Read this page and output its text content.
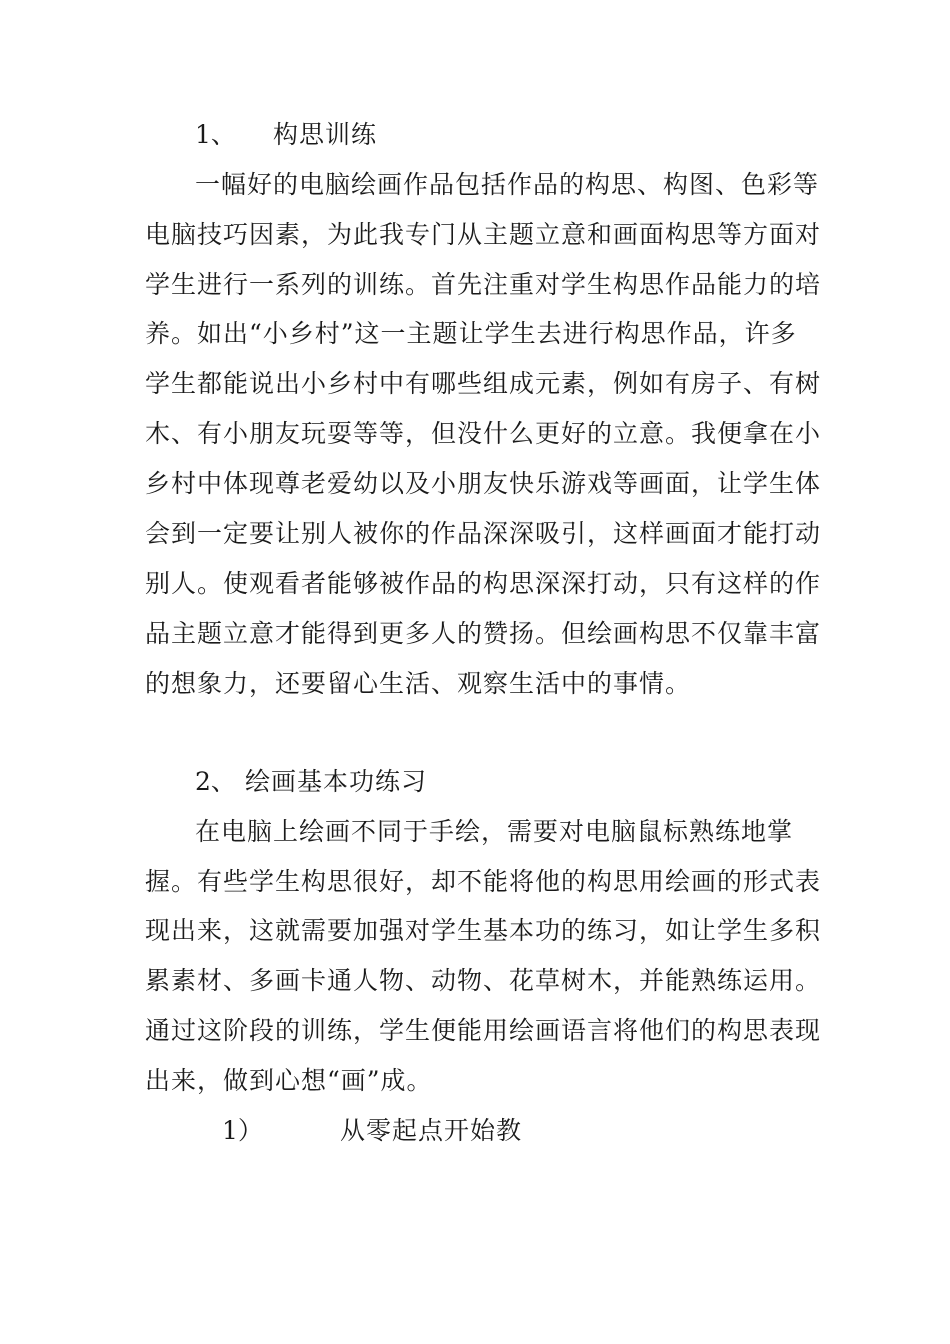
1、 构思训练
一幅好的电脑绘画作品包括作品的构思、构图、色彩等
电脑技巧因素，为此我专门从主题立意和画面构思等方面对
学生进行一系列的训练。首先注重对学生构思作品能力的培
养。如出“小乡村”这一主题让学生去进行构思作品，许多
学生都能说出小乡村中有哪些组成元素，例如有房子、有树
木、有小朋友玩耍等等，但没什么更好的立意。我便拿在小
乡村中体现尊老爱幼以及小朋友快乐游戏等画面，让学生体
会到一定要让别人被你的作品深深吸引，这样画面才能打动
别人。使观看者能够被作品的构思深深打动，只有这样的作
品主题立意才能得到更多人的赞扬。但绘画构思不仅靠丰富
的想象力，还要留心生活、观察生活中的事情。
2、 绘画基本功练习
在电脑上绘画不同于手绘，需要对电脑鼠标熟练地掌
握。有些学生构思很好，却不能将他的构思用绘画的形式表
现出来，这就需要加强对学生基本功的练习，如让学生多积
累素材、多画卡通人物、动物、花草树木，并能熟练运用。
通过这阶段的训练，学生便能用绘画语言将他们的构思表现
出来，做到心想“画”成。
1）	从零起点开始教
